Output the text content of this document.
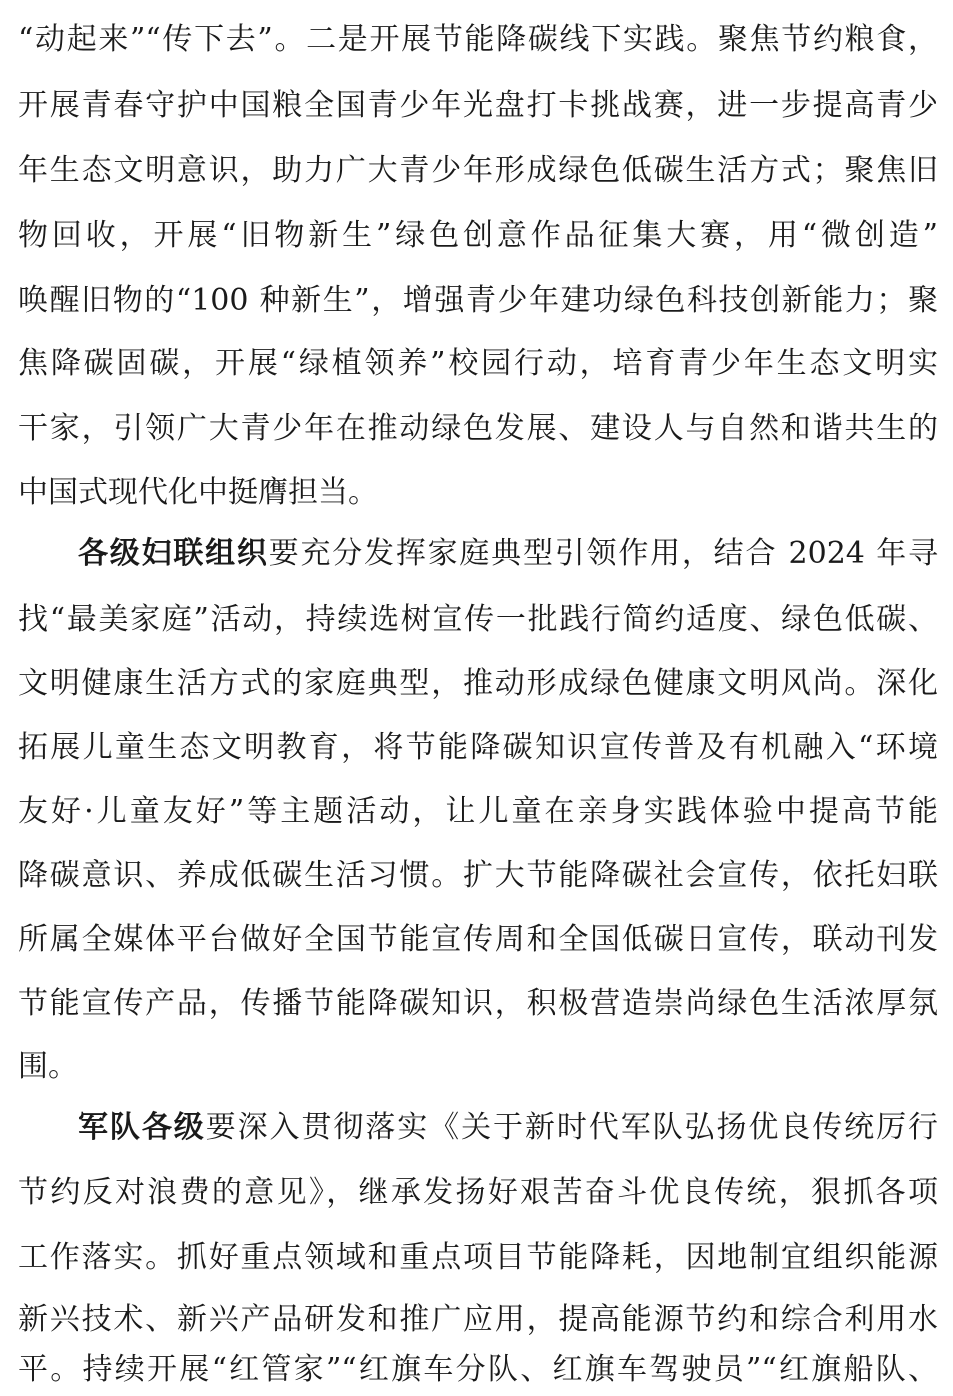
“动起来”“传下去”。二是开展节能降碳线下实践。聚焦节约粮食，
开展青春守护中国粮全国青少年光盘打卡挑战赛，进一步提高青少
年生态文明意识，助力广大青少年形成绿色低碳生活方式；聚焦旧
物回收，开展“旧物新生”绿色创意作品征集大赛，用“微创造”
唤醒旧物的“100 种新生”，增强青少年建功绿色科技创新能力；聚
焦降碳固碳，开展“绿植领养”校园行动，培育青少年生态文明实
干家，引领广大青少年在推动绿色发展、建设人与自然和谐共生的
中国式现代化中挺膺担当。
各级妇联组织要充分发挥家庭典型引领作用，结合 2024 年寻
找“最美家庭”活动，持续选树宣传一批践行简约适度、绿色低碳、
文明健康生活方式的家庭典型，推动形成绿色健康文明风尚。深化
拓展儿童生态文明教育，将节能降碳知识宣传普及有机融入“环境
友好·儿童友好”等主题活动，让儿童在亲身实践体验中提高节能
降碳意识、养成低碳生活习惯。扩大节能降碳社会宣传，依托妇联
所属全媒体平台做好全国节能宣传周和全国低碳日宣传，联动刊发
节能宣传产品，传播节能降碳知识，积极营造崇尚绿色生活浓厚氛
围。
军队各级要深入贯彻落实《关于新时代军队弘扬优良传统厉行
节约反对浪费的意见》，继承发扬好艰苦奋斗优良传统，狠抓各项
工作落实。抓好重点领域和重点项目节能降耗，因地制宜组织能源
新兴技术、新兴产品研发和推广应用，提高能源节约和综合利用水
平。持续开展“红管家”“红旗车分队、红旗车驾驶员”“红旗船队、
